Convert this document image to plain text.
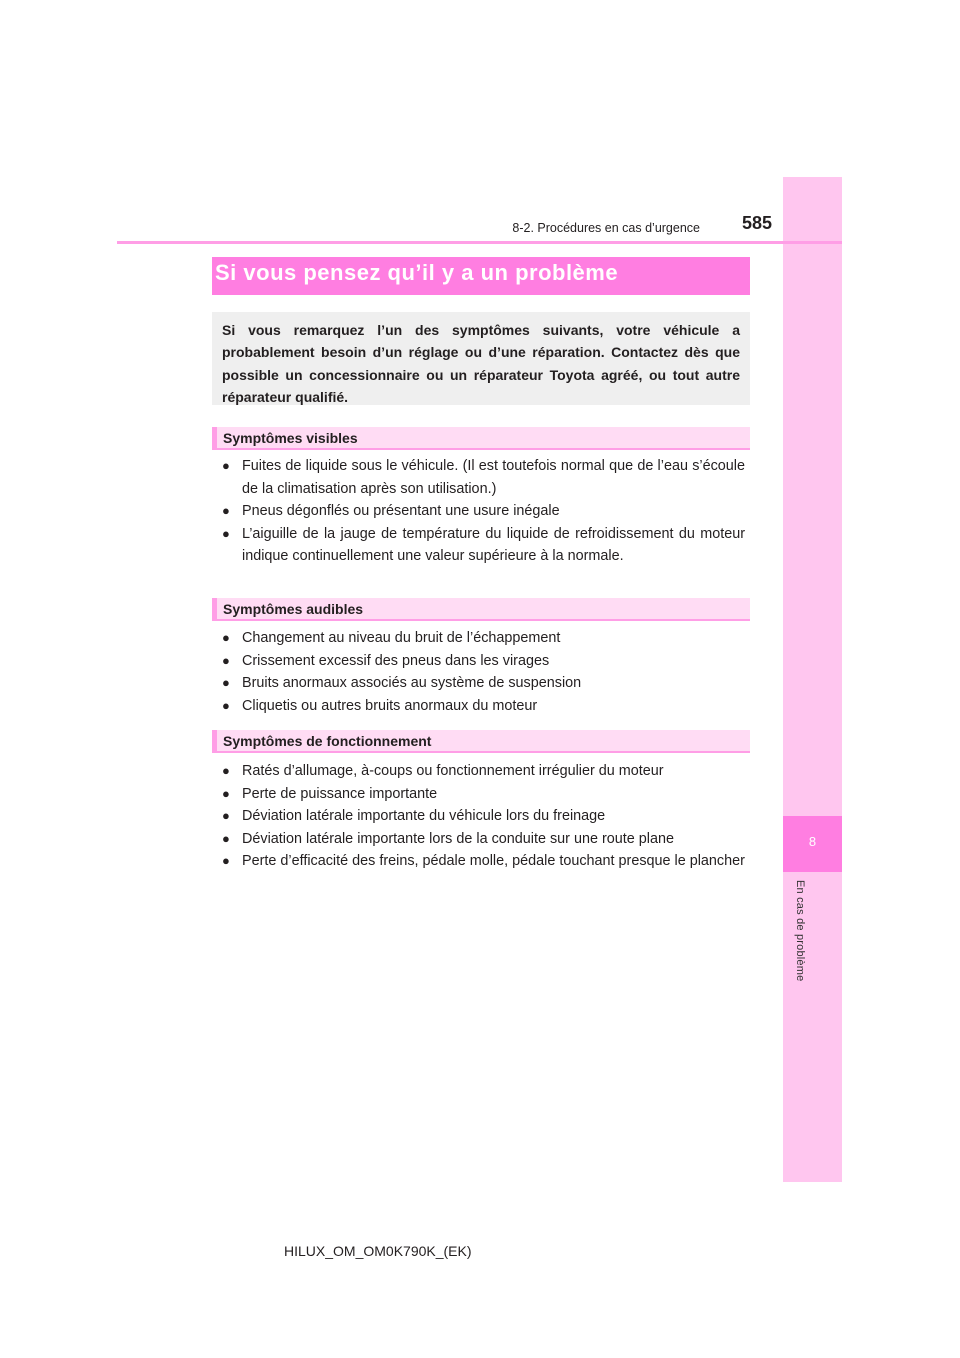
8
En cas de problème
8-2. Procédures en cas d’urgence 585
Si vous pensez qu’il y a un problème

Si vous remarquez l’un des symptômes suivants, votre véhicule a probablement besoin d’un réglage ou d’une réparation. Contactez dès que possible un concessionnaire ou un réparateur Toyota agréé, ou tout autre réparateur qualifié.

Symptômes visibles
● Fuites de liquide sous le véhicule. (Il est toutefois normal que de l’eau s’écoule de la climatisation après son utilisation.)
● Pneus dégonflés ou présentant une usure inégale
● L’aiguille de la jauge de température du liquide de refroidissement du moteur indique continuellement une valeur supérieure à la normale.
Symptômes audibles
● Changement au niveau du bruit de l’échappement
● Crissement excessif des pneus dans les virages
● Bruits anormaux associés au système de suspension
● Cliquetis ou autres bruits anormaux du moteur
Symptômes de fonctionnement
● Ratés d’allumage, à-coups ou fonctionnement irrégulier du moteur
● Perte de puissance importante
● Déviation latérale importante du véhicule lors du freinage
● Déviation latérale importante lors de la conduite sur une route plane
● Perte d’efficacité des freins, pédale molle, pédale touchant presque le plancher
HILUX_OM_OM0K790K_(EK)
